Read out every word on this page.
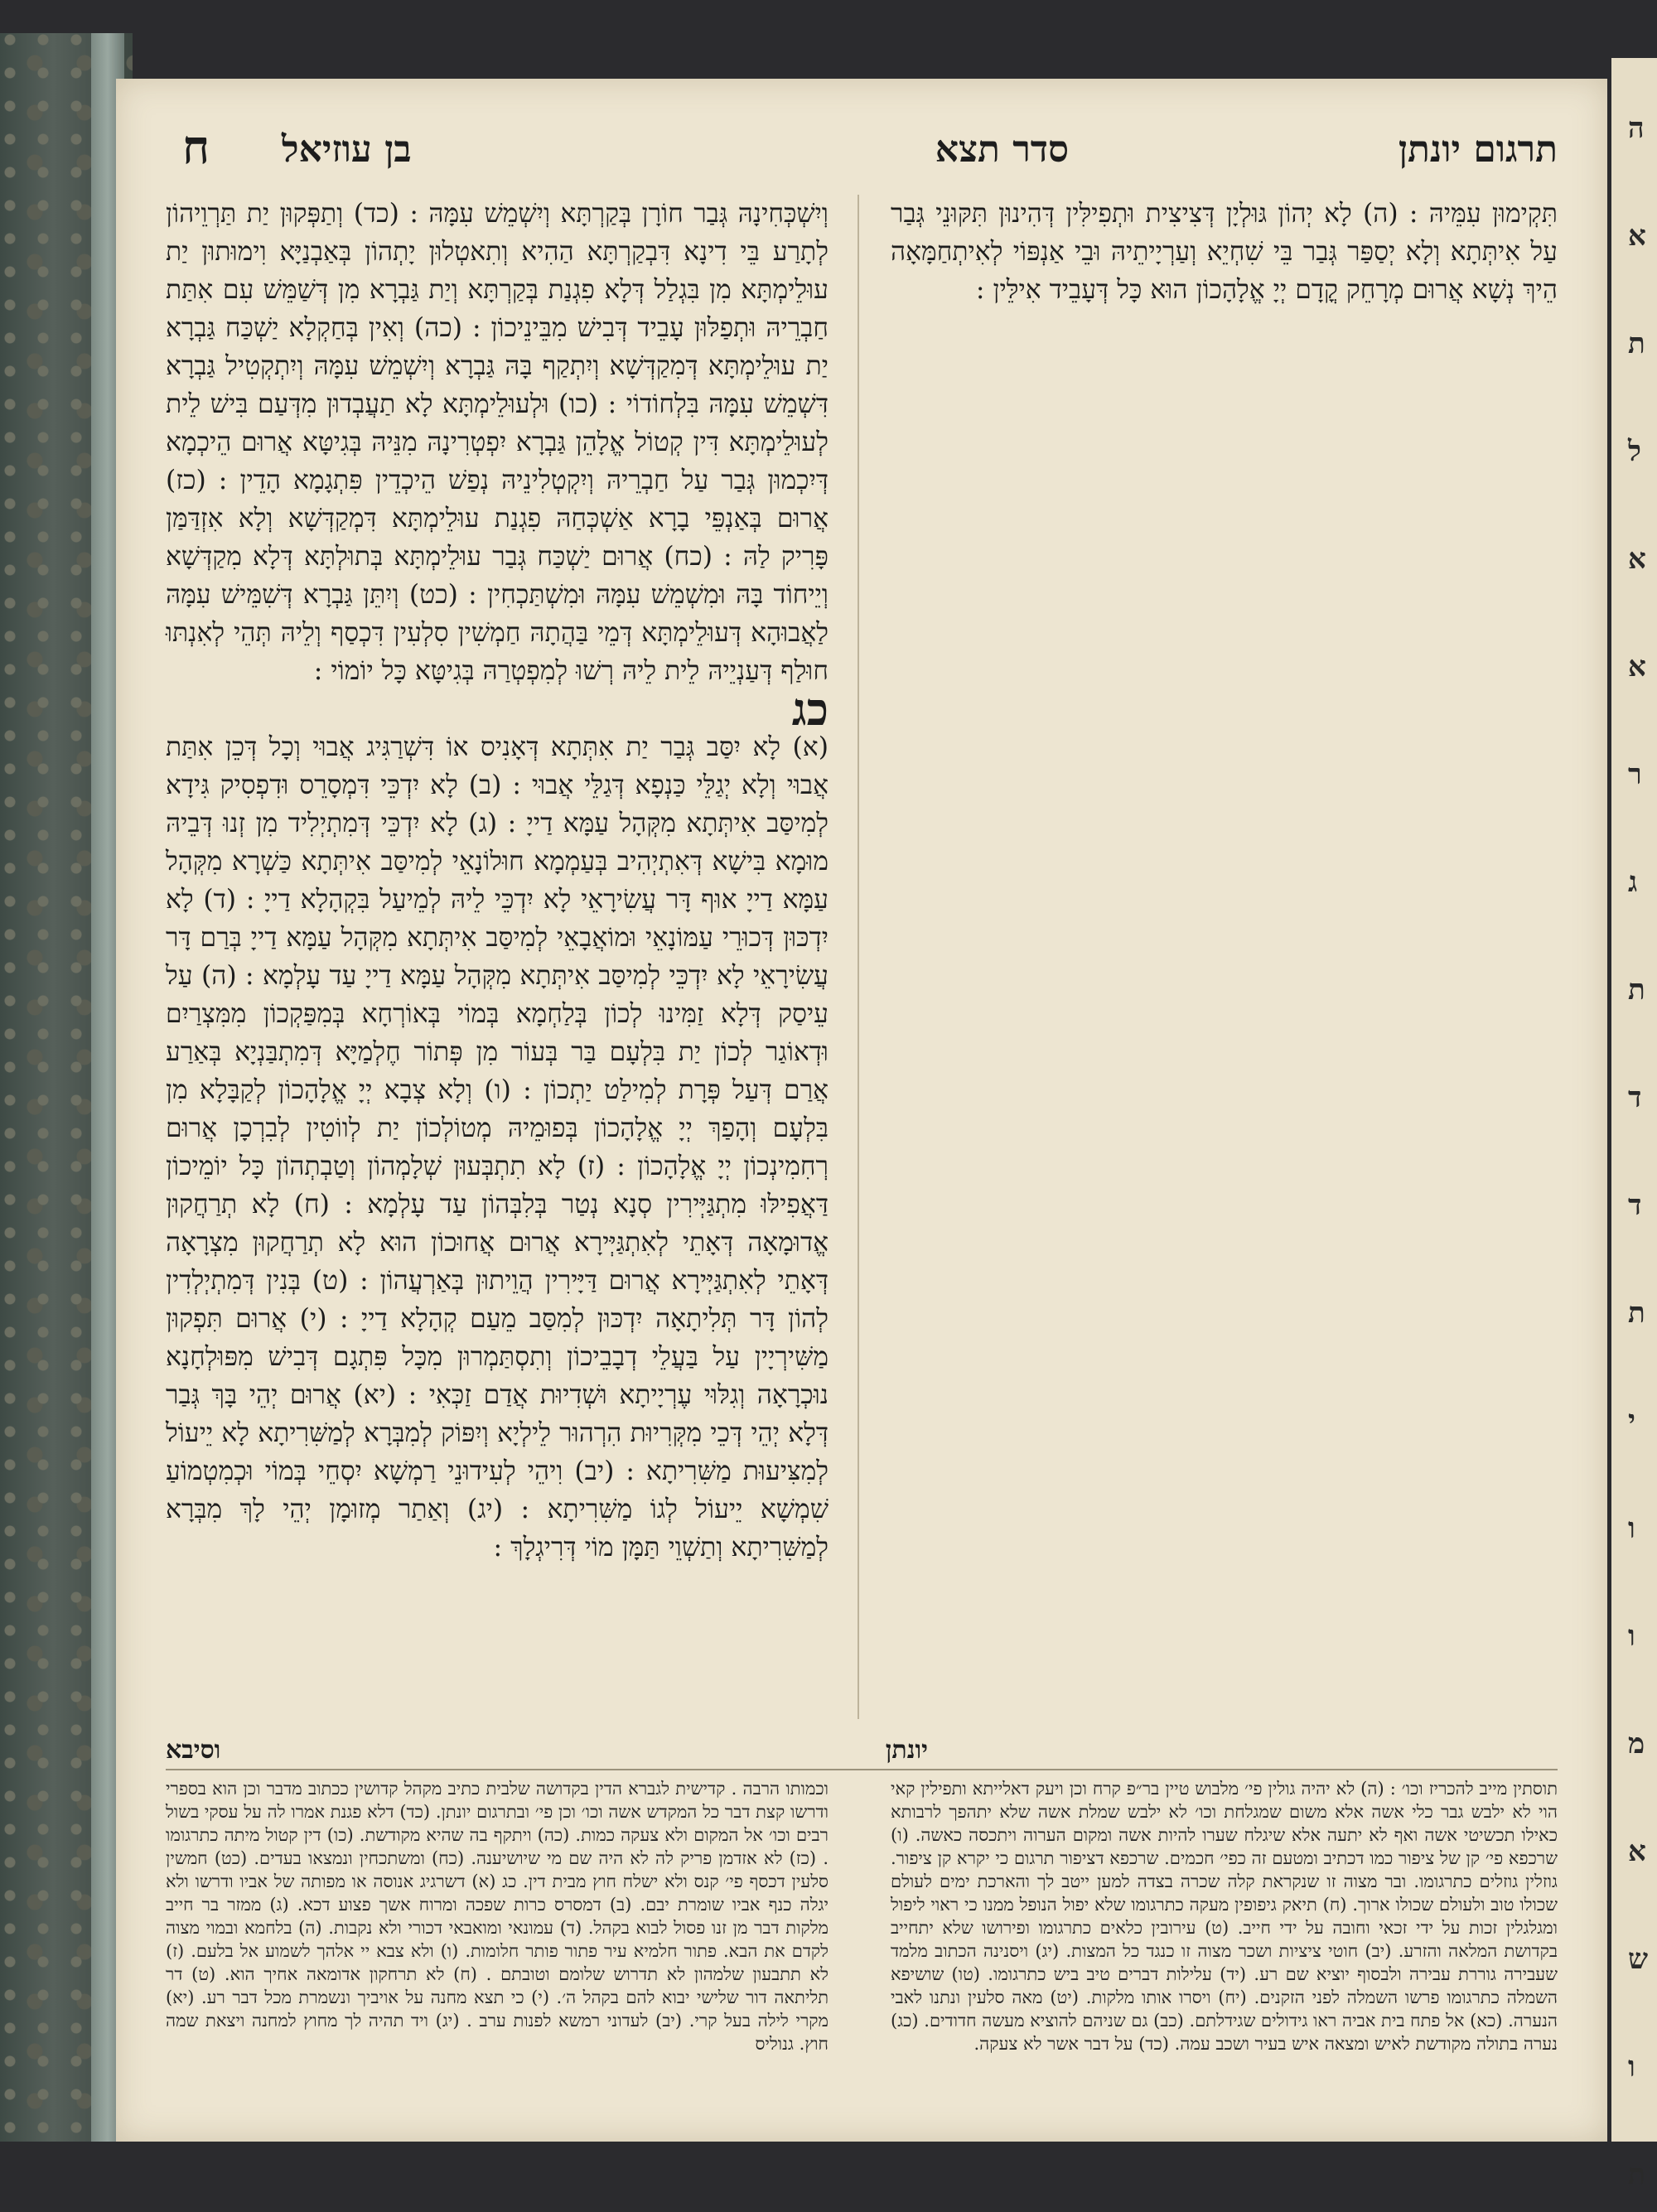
תרגום יונתן
סדר תצא
בן עוזיאל
ח

תִּקְימוּן עִמֵּיהּ : (ה) לָא יְהוֹן גּוּלְיָן דְּצִיצִית וּתְפִילִּין דְּהִינוּן תִּקּוּנֵי גְּבַר עַל אִיתְּתָא וְלָא יְסַפַּר גְּבַר בֵּי שִׁחְיֵא וְעַרְיָיתֵיהּ וּבֵי אַנְפּוֹי לְאִיתְחַמָּאָה הֵיךְ נְשָׁא אֲרוּם מְרָחֵק קֳדָם יְיָ אֱלָהָכוֹן הוּא כָּל דְּעָבֵיד אִילֵּין :

וְיִשְׁכְּחִינָהּ גְּבַר חוֹרָן בְּקַרְתָּא וְיִשְׁמֵשׁ עִמָּהּ : (כד) וְתַפְּקוּן יַת תַּרְוֵיהוֹן לְתָרַע בֵּי דִינָא דִּבְקַרְתָּא הַהִיא וְתִאטְלוּן יָתְהוֹן בְּאַבְנַיָּא וִימוּתוּן יַת עוּלֵימְתָּא מִן בִּגְלַל דְּלָא פִגְנַת בְּקַרְתָּא וְיַת גַּבְרָא מִן דְּשַׁמֵּשׁ עִם אִתַּת חַבְרֵיהּ וּתְפַלּוּן עָבֵיד דְּבִישׁ מִבֵּינֵיכוֹן : (כה) וְאִין בְּחַקְלָא יַשְׁכַּח גַּבְרָא יַת עוּלֵימְתָּא דְּמִקַדְּשָׁא וְיִתְקַף בָּהּ גַּבְרָא וְיִשְׁמֵשׁ עִמָּהּ וְיִתְקְטִיל גַּבְרָא דִּשְׁמֵשׁ עִמָּהּ בִּלְחוֹדוֹי : (כו) וּלְעוּלֵימְתָּא לָא תַעֲבְדוּן מִדְּעַם בִּישׁ לֵית לְעוּלֵימְתָּא דִּין קְטוֹל אֱלָהֵן גַּבְרָא יִפְטְרִינָהּ מִנֵּיהּ בְּגִיטָּא אֲרוּם הֵיכְמָא דְּיִכְמוּן גְּבַר עַל חַבְרֵיהּ וְיִקְטְלִינֵיהּ נְפַשׁ הֵיכְדֵין פִּתְגָמָא הָדֵין : (כז) אֲרוּם בְּאַנְפֵּי בָרָא אַשְׁכְּחַהּ פִגְנַת עוּלֵימְתָּא דִּמְקַדְּשָׁא וְלָא אִזְדַּמַּן פָּרִיק לַהּ : (כח) אֲרוּם יַשְׁכַּח גְּבַר עוּלֵימְתָּא בְּתוּלְתָּא דְּלָא מִקַדְּשָׁא וְיֵיחוֹד בָּהּ וּמִשְׁמֵשׁ עִמָּהּ וּמִשְׁתַּכְחִין : (כט) וְיִתֵּן גַּבְרָא דְּשִׁמֵּישׁ עִמָּהּ לַאֲבוּהָא דְּעוּלֵימְתָּא דְּמֵי בַּהֲתָהּ חַמְשִׁין סִלְעִין דִּכְסַף וְלֵיהּ תְּהֵי לְאִנְתּוּ חוּלַף דְּעַנְיֵיהּ לֵית לֵיהּ רְשׁוּ לְמִפְטְרַהּ בְּגִיטָּא כָּל יוֹמוֹי :

כג

(א) לָא יִסַּב גְּבַר יַת אִתְּתָא דְּאָנִיס אוֹ דִּשְׁרַגִּיג אֲבוּי וְכָל דְּכֵן אִתַּת אֲבוּי וְלָא יְגַלֵּי כַּנְפָא דְּגַלֵּי אֲבוּי : (ב) לָא יִדְכֵּי דִּמְסָרֵס וּדִפְסִיק גִּידָא לְמִיסַּב אִיתְּתָא מִקְּהָל עַמָּא דַייָ : (ג) לָא יִדְכֵּי דְּמִתְיְלִיד מִן זְנוּ דְּבֵיהּ מוּמָא בִּישָׁא דְּאִתְיְהִיב בְּעַמְמָא חוּלוֹנָאֵי לְמִיסַּב אִיתְּתָא כַּשְׁרָא מִקְּהָל עַמָּא דַייָ אוּף דָּר עֲשִׂירָאֵי לָא יִדְכֵּי לֵיהּ לְמֵיעַל בִּקְהָלָא דַייָ : (ד) לָא יִדְכּוּן דְּכוּרֵי עַמּוֹנָאֵי וּמוֹאֲבָאֵי לְמִיסַּב אִיתְּתָא מִקְּהָל עַמָּא דַייָ בְּרַם דָּר עֲשִׂירָאֵי לָא יִדְכֵּי לְמִיסַּב אִיתְּתָא מִקְּהָל עַמָּא דַייָ עַד עָלְמָא : (ה) עַל עֵיסַק דְּלָא זַמִּינוּ לְכוֹן בְּלַחְמָא בְּמוֹי בְּאוֹרְחָא בְּמִפַּקְכוֹן מִמִּצְרַיִם וּדְאוֹגַר לְכוֹן יַת בִּלְעָם בַּר בְּעוֹר מִן פְּתוֹר חֶלְמַיָּא דְּמִתְבַּנְיָא בְּאַרַע אֲרַם דְּעַל פְּרָת לְמִילַט יַתְכוֹן : (ו) וְלָא צְבָא יְיָ אֱלָהָכוֹן לְקַבָּלָא מִן בִּלְעָם וְהָפַךְ יְיָ אֱלָהָכוֹן בְּפוּמֵיהּ מְטוֹלְכוֹן יַת לְווֹטִין לְבִרְכָן אֲרוּם רְחִמִינְכוֹן יְיָ אֱלָהָכוֹן : (ז) לָא תִתְבְּעוּן שְׁלָמְהוֹן וְטַבְתְהוֹן כָּל יוֹמֵיכוֹן דַּאֲפִילּוּ מִתְגַּיְּירִין סְנָא נְטַר בְּלִבְּהוֹן עַד עָלְמָא : (ח) לָא תְרַחֲקוּן אֱדוּמָאָה דְּאָתֵי לְאִתְגַּיְּירָא אֲרוּם אֲחוּכוֹן הוּא לָא תְרַחֲקוּן מִצְרָאָה דְּאָתֵי לְאִתְגַּיְּירָא אֲרוּם דַּיָּירִין הֲוֵיתוּן בְּאַרְעֲהוֹן : (ט) בְּנִין דְּמִתְיְלְדִין לְהוֹן דָּר תְּלִיתָאָה יִדְכּוּן לְמִסַּב מֵעַם קְהָלָא דַייָ : (י) אֲרוּם תִּפְקוּן מַשִּׁירְיָין עַל בַּעֲלֵי דְבָבֵיכוֹן וְתִסְתַּמְרוּן מִכָּל פִּתְגָם דְּבִישׁ מִפּוּלְחָנָא נוּכְרָאָה וְגִלּוּי עֶרְיָיתָא וּשְׁדִיוּת אֲדַם זַכְּאִי : (יא) אֲרוּם יְהֵי בָּךְ גְּבַר דְּלָא יְהֵי דְּכֵי מִקְּרִיוּת הִרְהוּר לֵילְיָא וְיִפּוֹק לְמִבְּרָא לְמַשִּׁרִיתָא לָא יֵיעוֹל לְמִצִּיעוּת מַשִּׁרִיתָא : (יב) וִיהֵי לְעִידוּנֵי רַמְשָׁא יִסְחֵי בְּמוֹי וּכְמִטְמוֹעַ שִׁמְשָׁא יֵיעוֹל לְגוֹ מַשִּׁרִיתָא : (יג) וְאַתַר מְזוּמָן יְהֵי לָךְ מִבְּרָא לְמַשִּׁרִיתָא וְתַשְׁוֵי תַּמָּן מוֹי דְּרִיגְלָךְ :

יונתן
וסיבא
תוסתין מייב להכריז וכו׳ : (ה) לא יהיה גולין פי׳ מלבוש טיין בר״פ קרח וכן ויעק דאלייתא ותפילין קאי הוי לא ילבש גבר כלי אשה אלא משום שמגלחת וכו׳ לא ילבש שמלת אשה שלא יתהפך לרבותא כאילו תכשיטי אשה ואף לא יתעה אלא שיגלח שערו להיות אשה ומקום הערוה ויתכסה כאשה. (ו) שרכפא פי׳ קן של ציפור כמו דכתיב ומטעם זה כפי׳ חכמים. שרכפא דציפור תרגום כי יקרא קן ציפור. גוזלין גוזלים כתרגומו. ובר מצוה זו שנקראת קלה שכרה בצדה למען ייטב לך והארכת ימים לעולם שכולו טוב ולעולם שכולו ארוך. (ח) תיאק גיפופין מעקה כתרגומו שלא יפול הנופל ממנו כי ראוי ליפול ומגלגלין זכות על ידי זכאי וחובה על ידי חייב. (ט) עירובין כלאים כתרגומו ופירושו שלא יתחייב בקדושת המלאה והזרע. (יב) חוטי ציציות ושכר מצוה זו כנגד כל המצות. (יג) ויסנינה הכתוב מלמד שעבירה גוררת עבירה ולבסוף יוציא שם רע. (יד) עלילות דברים טיב ביש כתרגומו. (טו) שושיפא השמלה כתרגומו פרשו השמלה לפני הזקנים. (יח) ויסרו אותו מלקות. (יט) מאה סלעין ונתנו לאבי הנערה. (כא) אל פתח בית אביה ראו גידולים שגידלתם. (כב) גם שניהם להוציא מעשה חדודים. (כג) נערה בתולה מקודשת לאיש ומצאה איש בעיר ושכב עמה. (כד) על דבר אשר לא צעקה.
וכמותו הרבה . קדישית לגברא הדין בקדושה שלבית כתיב מקהל קדושין ככתוב מדבר וכן הוא בספרי ודרשו קצת דבר כל המקדש אשה וכו׳ וכן פי׳ ובתרגום יונתן. (כד) דלא פגנת אמרו לה על עסקי בשול רבים וכו׳ אל המקום ולא צעקה כמות. (כה) ויתקף בה שהיא מקודשת. (כו) דין קטול מיתה כתרגומו . (כז) לא אזדמן פריק לה לא היה שם מי שיושיענה. (כח) ומשתכחין ונמצאו בעדים. (כט) חמשין סלעין דכסף פי׳ קנס ולא ישלח חוץ מבית דין. כג (א) דשרגיג אנוסה או מפותה של אביו ודרשו ולא יגלה כנף אביו שומרת יבם. (ב) דמסרס כרות שפכה ומרוח אשך פצוע דכא. (ג) ממזר בר חייב מלקות דבר מן זנו פסול לבוא בקהל. (ד) עמונאי ומואבאי דכורי ולא נקבות. (ה) בלחמא ובמוי מצוה לקדם את הבא. פתור חלמיא עיר פתור פותר חלומות. (ו) ולא צבא יי אלהך לשמוע אל בלעם. (ז) לא תתבעון שלמהון לא תדרוש שלומם וטובתם . (ח) לא תרחקון אדומאה אחיך הוא. (ט) דר תליתאה דור שלישי יבוא להם בקהל ה׳. (י) כי תצא מחנה על אויביך ונשמרת מכל דבר רע. (יא) מקרי לילה בעל קרי. (יב) לעדוני רמשא לפנות ערב . (יג) ויד תהיה לך מחוץ למחנה ויצאת שמה חוץ. גנוליס
ה
א
ת
ל
א
א
ר
ג
ת
ד
ד
ת
י
ו
ו
מ
א
ש
ו
ת
